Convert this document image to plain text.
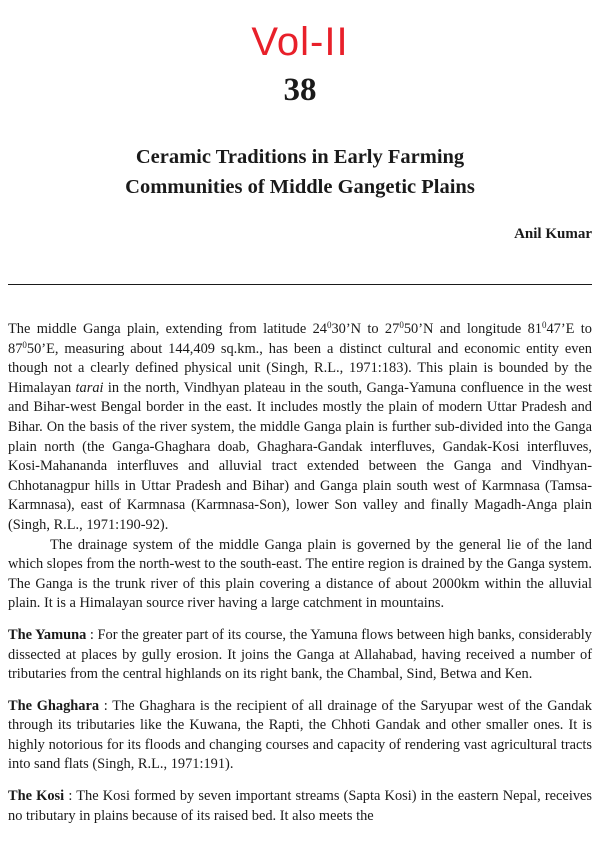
Vol-II
38
Ceramic Traditions in Early Farming
Communities of Middle Gangetic Plains
Anil Kumar

The middle Ganga plain, extending from latitude $24^030’N$ to $27^050’N$ and longitude $81^047’E$ to $87^050’E$, measuring about 144,409 sq.km., has been a distinct cultural and economic entity even though not a clearly defined physical unit (Singh, R.L., 1971:183). This plain is bounded by the Himalayan tarai in the north, Vindhyan plateau in the south, Ganga-Yamuna confluence in the west and Bihar-west Bengal border in the east. It includes mostly the plain of modern Uttar Pradesh and Bihar. On the basis of the river system, the middle Ganga plain is further sub-divided into the Ganga plain north (the Ganga-Ghaghara doab, Ghaghara-Gandak interfluves, Gandak-Kosi interfluves, Kosi-Mahananda interfluves and alluvial tract extended between the Ganga and Vindhyan-Chhotanagpur hills in Uttar Pradesh and Bihar) and Ganga plain south west of Karmnasa (Tamsa-Karmnasa), east of Karmnasa (Karmnasa-Son), lower Son valley and finally Magadh-Anga plain (Singh, R.L., 1971:190-92).

The drainage system of the middle Ganga plain is governed by the general lie of the land which slopes from the north-west to the south-east. The entire region is drained by the Ganga system. The Ganga is the trunk river of this plain covering a distance of about 2000km within the alluvial plain. It is a Himalayan source river having a large catchment in mountains.

The Yamuna : For the greater part of its course, the Yamuna flows between high banks, considerably dissected at places by gully erosion. It joins the Ganga at Allahabad, having received a number of tributaries from the central highlands on its right bank, the Chambal, Sind, Betwa and Ken.

The Ghaghara : The Ghaghara is the recipient of all drainage of the Saryupar west of the Gandak through its tributaries like the Kuwana, the Rapti, the Chhoti Gandak and other smaller ones. It is highly notorious for its floods and changing courses and capacity of rendering vast agricultural tracts into sand flats (Singh, R.L., 1971:191).

The Kosi : The Kosi formed by seven important streams (Sapta Kosi) in the eastern Nepal, receives no tributary in plains because of its raised bed. It also meets the
